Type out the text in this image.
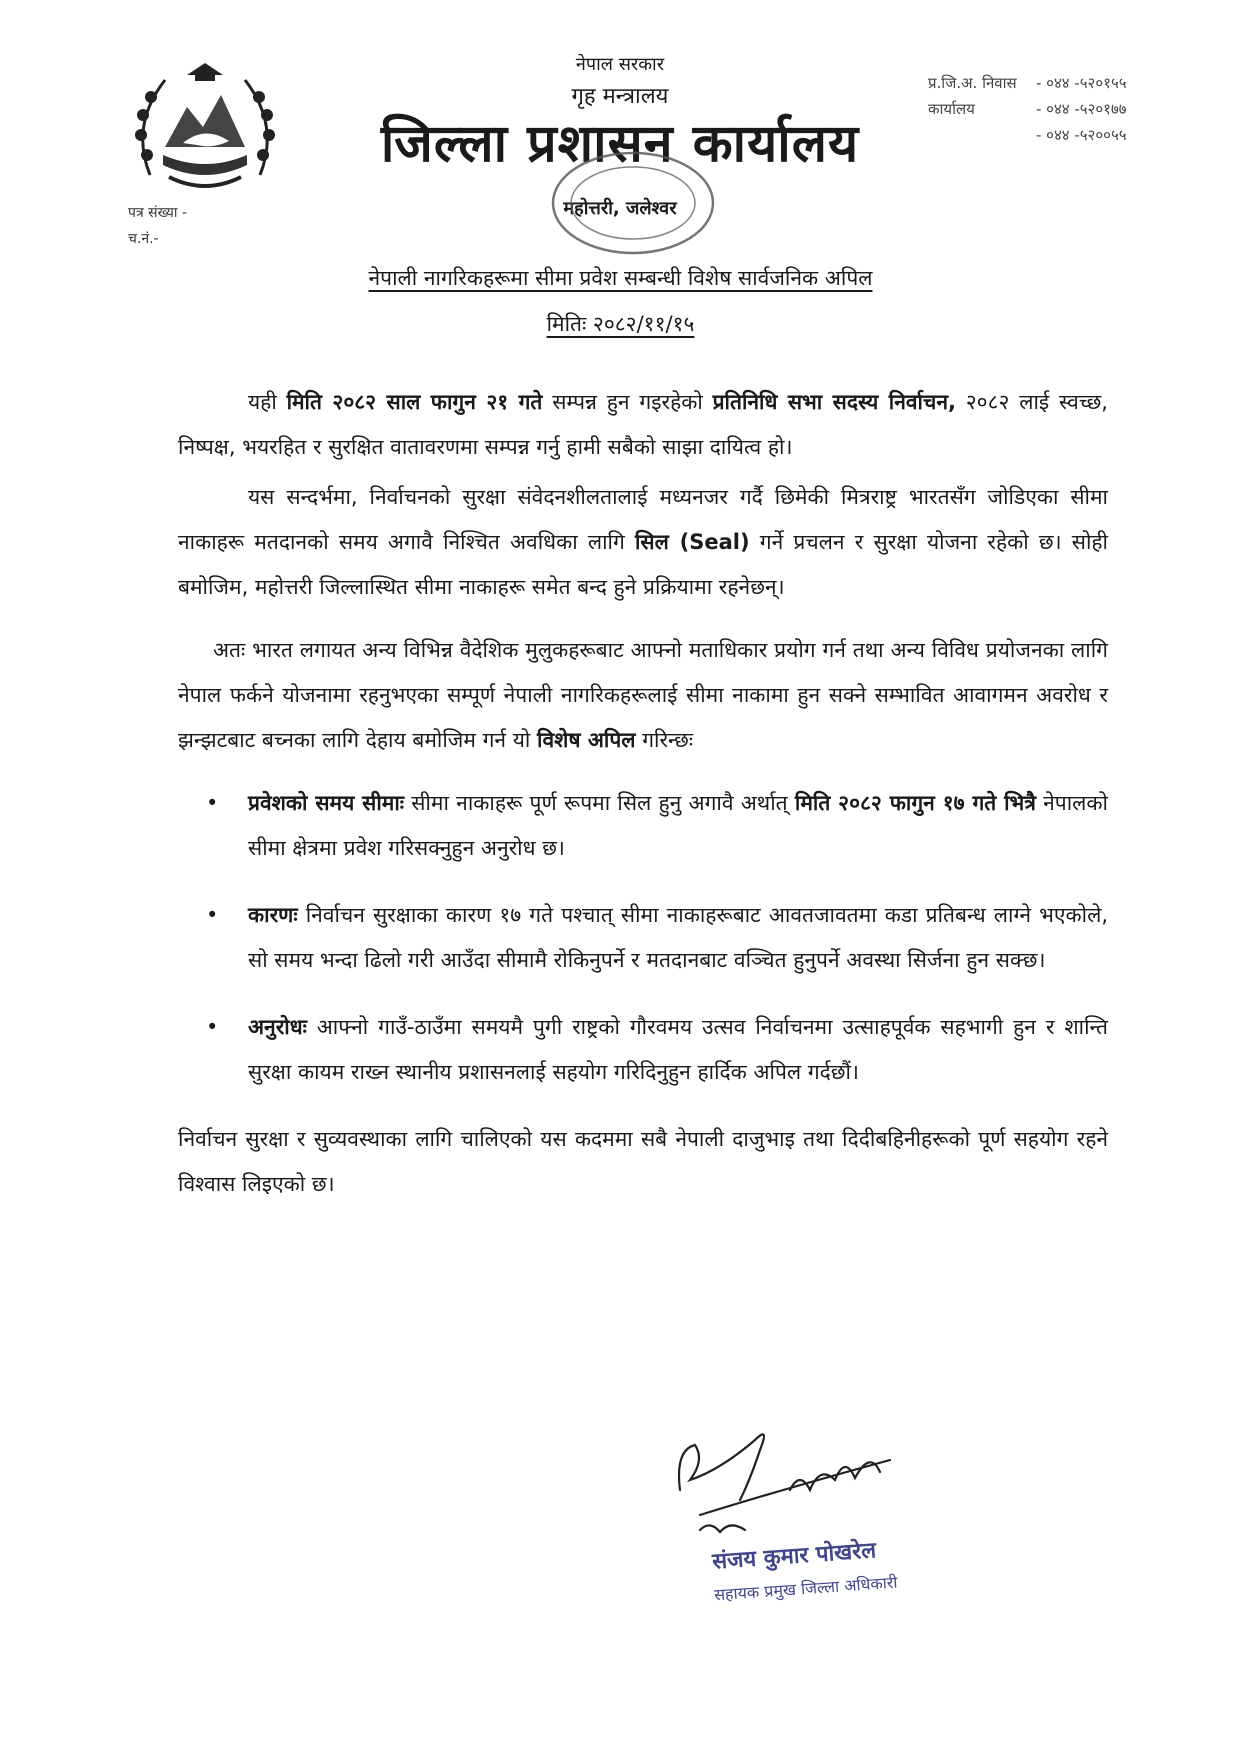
नेपाल सरकार
गृह मन्त्रालय
जिल्ला प्रशासन कार्यालय
महोत्तरी, जलेश्वर
प्र.जि.अ. निवास	- ०४४ -५२०१५५
कार्यालय	- ०४४ -५२०१७७
- ०४४ -५२००५५
पत्र संख्या -
च.नं.-
नेपाली नागरिकहरूमा सीमा प्रवेश सम्बन्धी विशेष सार्वजनिक अपिल
मितिः २०८२/११/१५

यही मिति २०८२ साल फागुन २१ गते सम्पन्न हुन गइरहेको प्रतिनिधि सभा सदस्य निर्वाचन, २०८२ लाई स्वच्छ, निष्पक्ष, भयरहित र सुरक्षित वातावरणमा सम्पन्न गर्नु हामी सबैको साझा दायित्व हो।

यस सन्दर्भमा, निर्वाचनको सुरक्षा संवेदनशीलतालाई मध्यनजर गर्दै छिमेकी मित्रराष्ट्र भारतसँग जोडिएका सीमा नाकाहरू मतदानको समय अगावै निश्चित अवधिका लागि सिल (Seal) गर्ने प्रचलन र सुरक्षा योजना रहेको छ। सोही बमोजिम, महोत्तरी जिल्लास्थित सीमा नाकाहरू समेत बन्द हुने प्रक्रियामा रहनेछन्।

अतः भारत लगायत अन्य विभिन्न वैदेशिक मुलुकहरूबाट आफ्नो मताधिकार प्रयोग गर्न तथा अन्य विविध प्रयोजनका लागि नेपाल फर्कने योजनामा रहनुभएका सम्पूर्ण नेपाली नागरिकहरूलाई सीमा नाकामा हुन सक्ने सम्भावित आवागमन अवरोध र झन्झटबाट बच्नका लागि देहाय बमोजिम गर्न यो विशेष अपिल गरिन्छः

• प्रवेशको समय सीमाः सीमा नाकाहरू पूर्ण रूपमा सिल हुनु अगावै अर्थात् मिति २०८२ फागुन १७ गते भित्रै नेपालको सीमा क्षेत्रमा प्रवेश गरिसक्नुहुन अनुरोध छ।
• कारणः निर्वाचन सुरक्षाका कारण १७ गते पश्चात् सीमा नाकाहरूबाट आवतजावतमा कडा प्रतिबन्ध लाग्ने भएकोले, सो समय भन्दा ढिलो गरी आउँदा सीमामै रोकिनुपर्ने र मतदानबाट वञ्चित हुनुपर्ने अवस्था सिर्जना हुन सक्छ।
• अनुरोधः आफ्नो गाउँ-ठाउँमा समयमै पुगी राष्ट्रको गौरवमय उत्सव निर्वाचनमा उत्साहपूर्वक सहभागी हुन र शान्ति सुरक्षा कायम राख्न स्थानीय प्रशासनलाई सहयोग गरिदिनुहुन हार्दिक अपिल गर्दछौं।

निर्वाचन सुरक्षा र सुव्यवस्थाका लागि चालिएको यस कदममा सबै नेपाली दाजुभाइ तथा दिदीबहिनीहरूको पूर्ण सहयोग रहने विश्वास लिइएको छ।

संजय कुमार पोखरेल
सहायक प्रमुख जिल्ला अधिकारी
